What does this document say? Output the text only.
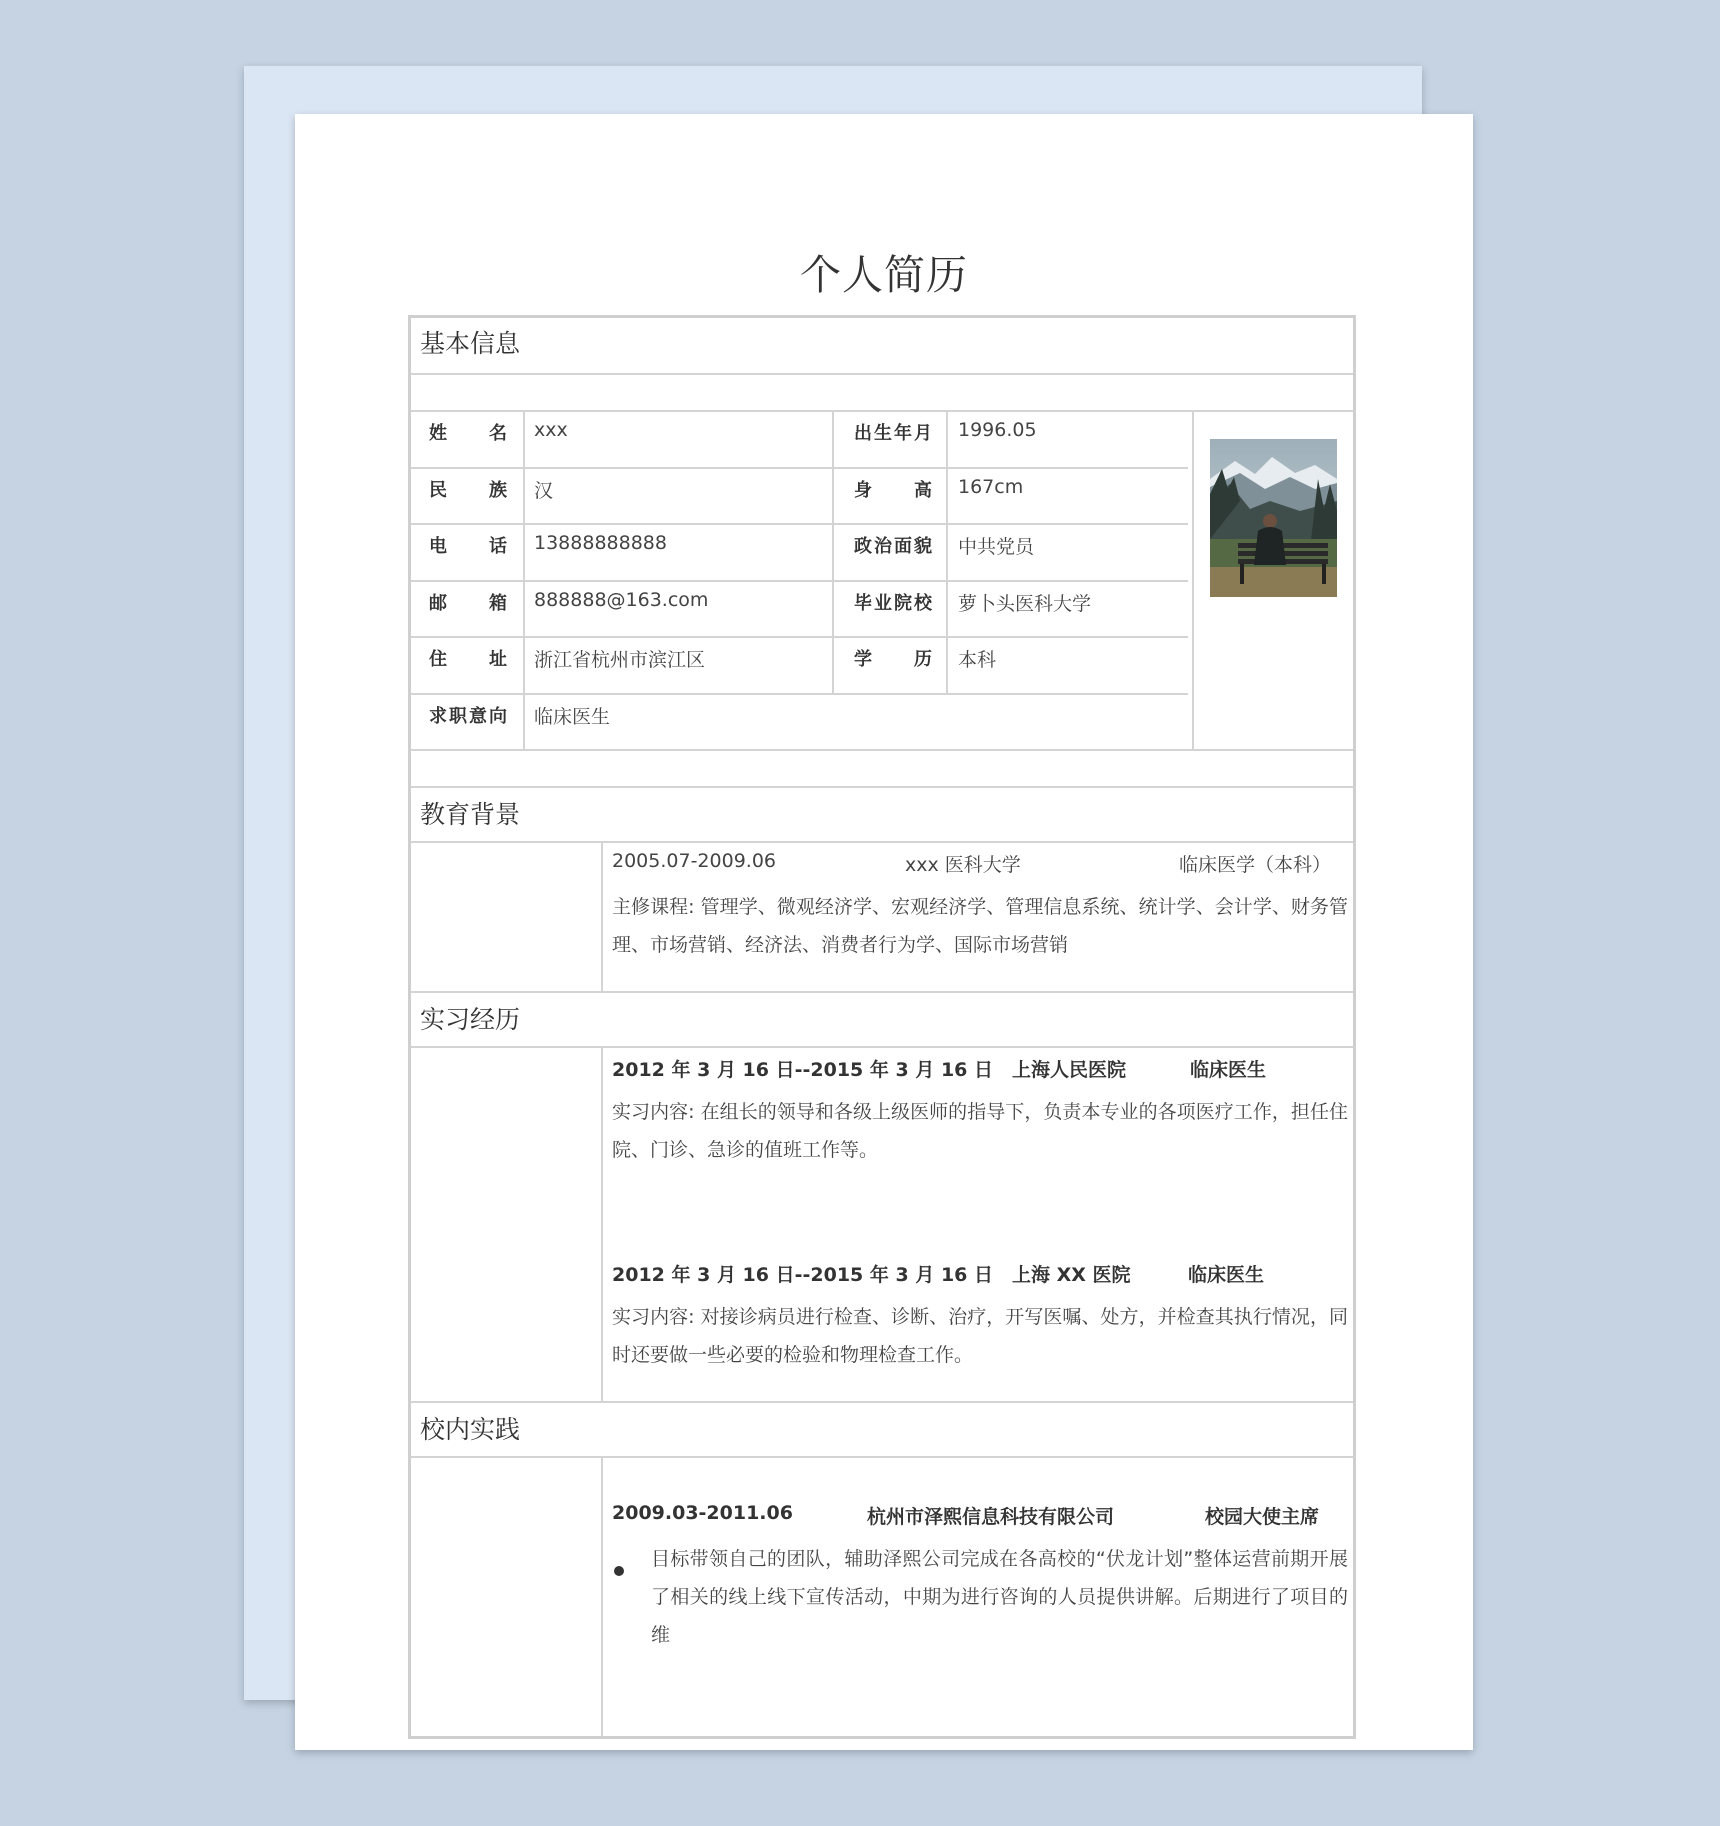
个人简历
基本信息
姓名 xxx	出生年月 1996.05
民族 汉	身高 167cm
电话 13888888888	政治面貌 中共党员
邮箱 888888@163.com	毕业院校 萝卜头医科大学
住址 浙江省杭州市滨江区	学历 本科
求职意向 临床医生
教育背景
2005.07-2009.06	xxx 医科大学	临床医学（本科）
主修课程: 管理学、微观经济学、宏观经济学、管理信息系统、统计学、会计学、财务管理、市场营销、经济法、消费者行为学、国际市场营销
实习经历
2012 年 3 月 16 日--2015 年 3 月 16 日 上海人民医院	临床医生
实习内容: 在组长的领导和各级上级医师的指导下，负责本专业的各项医疗工作，担任住院、门诊、急诊的值班工作等。
2012 年 3 月 16 日--2015 年 3 月 16 日 上海 XX 医院	临床医生
实习内容: 对接诊病员进行检查、诊断、治疗，开写医嘱、处方，并检查其执行情况，同时还要做一些必要的检验和物理检查工作。
校内实践
2009.03-2011.06	杭州市泽熙信息科技有限公司	校园大使主席
目标带领自己的团队，辅助泽熙公司完成在各高校的“伏龙计划”整体运营前期开展了相关的线上线下宣传活动，中期为进行咨询的人员提供讲解。后期进行了项目的维
